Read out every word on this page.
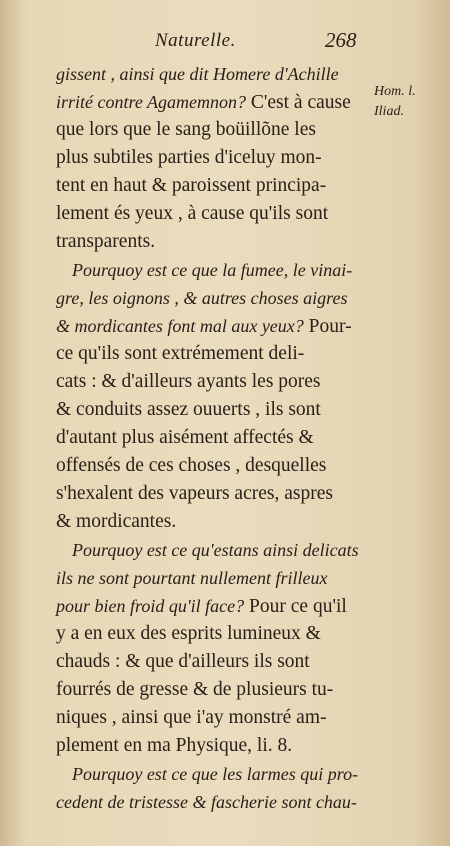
Naturelle.	268
Hom. l.
Iliad.
gissent , ainsi que dit Homere d'Achille
irrité contre Agamemnon? C'est à cause
que lors que le sang boüillõne les
plus subtiles parties d'iceluy mon-
tent en haut & paroissent principa-
lement és yeux , à cause qu'ils sont
transparents.
Pourquoy est ce que la fumee, le vinai-
gre, les oignons , & autres choses aigres
& mordicantes font mal aux yeux? Pour-
ce qu'ils sont extrémement deli-
cats : & d'ailleurs ayants les pores
& conduits assez ouuerts , ils sont
d'autant plus aisément affectés &
offensés de ces choses , desquelles
s'hexalent des vapeurs acres, aspres
& mordicantes.
Pourquoy est ce qu'estans ainsi delicats
ils ne sont pourtant nullement frilleux
pour bien froid qu'il face? Pour ce qu'il
y a en eux des esprits lumineux &
chauds : & que d'ailleurs ils sont
fourrés de gresse & de plusieurs tu-
niques , ainsi que i'ay monstré am-
plement en ma Physique, li. 8.
Pourquoy est ce que les larmes qui pro-
cedent de tristesse & fascherie sont chau-
